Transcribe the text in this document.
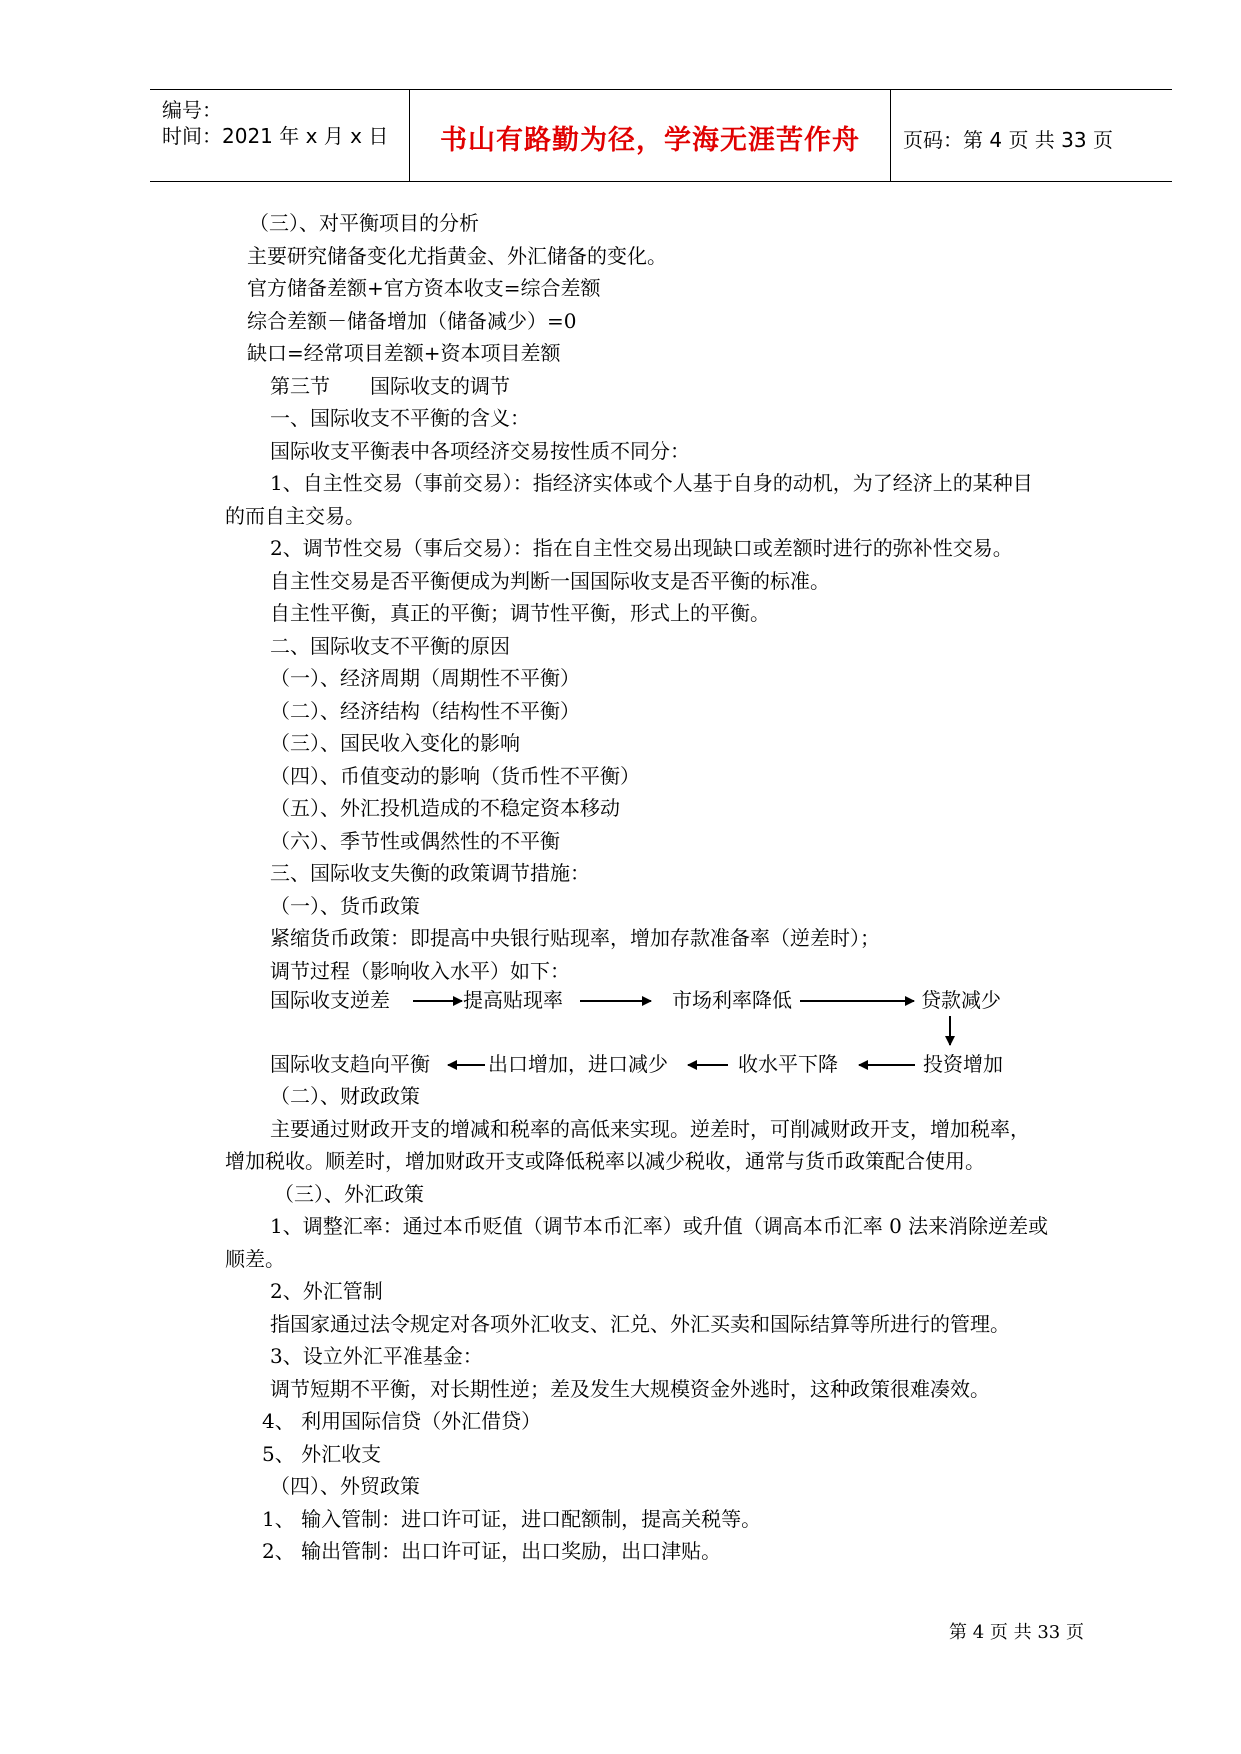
编号：
时间：2021 年 x 月 x 日	书山有路勤为径，学海无涯苦作舟	页码：第 4 页 共 33 页
（三）、对平衡项目的分析
主要研究储备变化尤指黄金、外汇储备的变化。
官方储备差额+官方资本收支=综合差额
综合差额－储备增加（储备减少）=0
缺口=经常项目差额+资本项目差额
第三节　　国际收支的调节
一、国际收支不平衡的含义：
国际收支平衡表中各项经济交易按性质不同分：
1、自主性交易（事前交易）：指经济实体或个人基于自身的动机，为了经济上的某种目
的而自主交易。
2、调节性交易（事后交易）：指在自主性交易出现缺口或差额时进行的弥补性交易。
自主性交易是否平衡便成为判断一国国际收支是否平衡的标准。
自主性平衡，真正的平衡；调节性平衡，形式上的平衡。
二、国际收支不平衡的原因
（一）、经济周期（周期性不平衡）
（二）、经济结构（结构性不平衡）
（三）、国民收入变化的影响
（四）、币值变动的影响（货币性不平衡）
（五）、外汇投机造成的不稳定资本移动
（六）、季节性或偶然性的不平衡
三、国际收支失衡的政策调节措施：
（一）、货币政策
紧缩货币政策：即提高中央银行贴现率，增加存款准备率（逆差时）；
调节过程（影响收入水平）如下：
国际收支逆差	提高贴现率	市场利率降低	贷款减少
国际收支趋向平衡	出口增加，进口减少	收水平下降	投资增加
（二）、财政政策
主要通过财政开支的增减和税率的高低来实现。逆差时，可削减财政开支，增加税率，
增加税收。顺差时，增加财政开支或降低税率以减少税收，通常与货币政策配合使用。
（三）、外汇政策
1、调整汇率：通过本币贬值（调节本币汇率）或升值（调高本币汇率 0 法来消除逆差或
顺差。
2、外汇管制
指国家通过法令规定对各项外汇收支、汇兑、外汇买卖和国际结算等所进行的管理。
3、设立外汇平准基金：
调节短期不平衡，对长期性逆；差及发生大规模资金外逃时，这种政策很难凑效。
4、 利用国际信贷（外汇借贷）
5、 外汇收支
（四）、外贸政策
1、 输入管制：进口许可证，进口配额制，提高关税等。
2、 输出管制：出口许可证，出口奖励，出口津贴。
第 4 页 共 33 页
